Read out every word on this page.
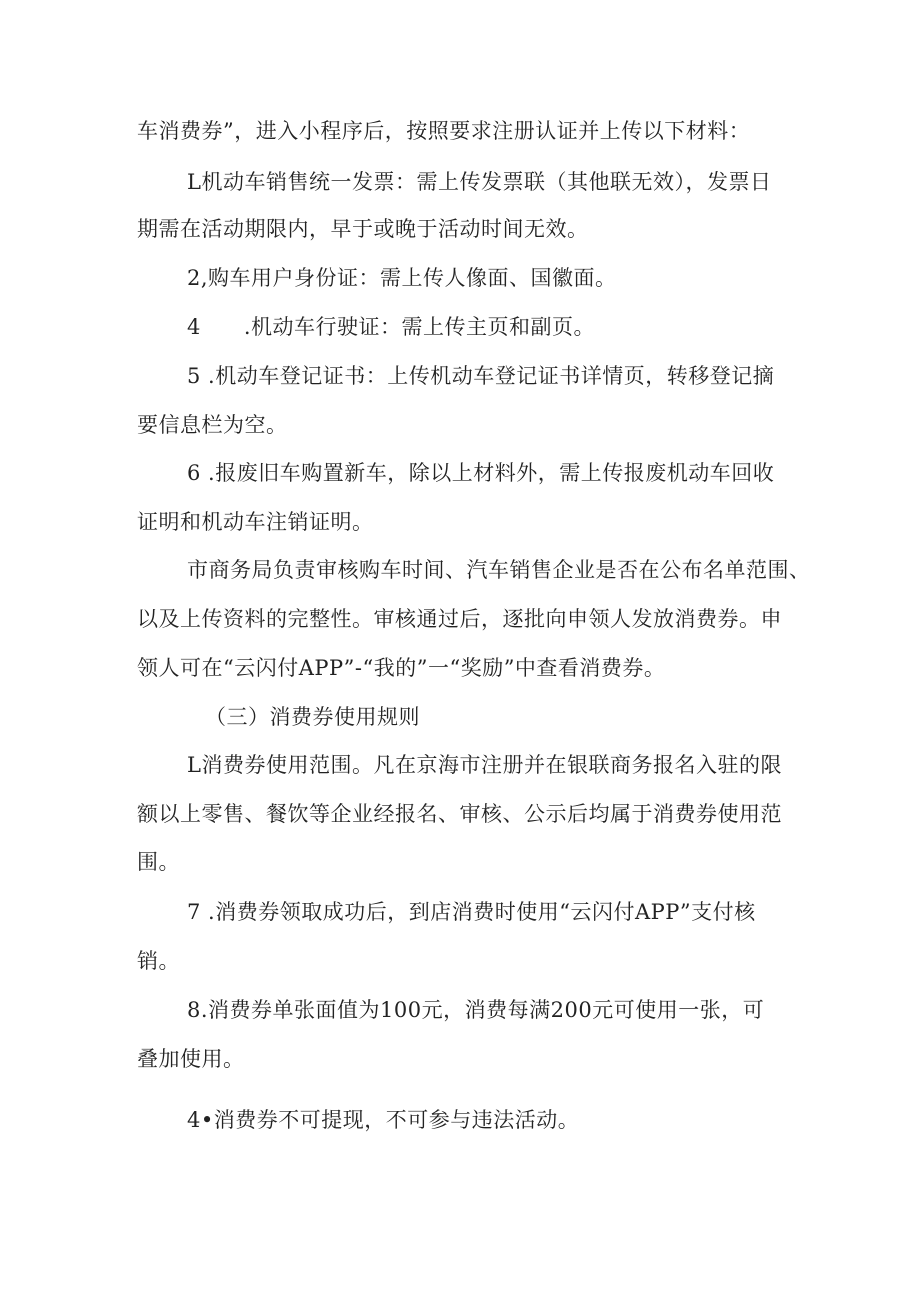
车消费券”，进入小程序后，按照要求注册认证并上传以下材料：

L机动车销售统一发票：需上传发票联（其他联无效），发票日

期需在活动期限内，早于或晚于活动时间无效。

2,购车用户身份证：需上传人像面、国徽面。

4　　.机动车行驶证：需上传主页和副页。

5 .机动车登记证书：上传机动车登记证书详情页，转移登记摘

要信息栏为空。

6 .报废旧车购置新车，除以上材料外，需上传报废机动车回收

证明和机动车注销证明。

市商务局负责审核购车时间、汽车销售企业是否在公布名单范围、

以及上传资料的完整性。审核通过后，逐批向申领人发放消费券。申

领人可在“云闪付APP”-“我的”一“奖励”中查看消费券。

（三）消费券使用规则

L消费券使用范围。凡在京海市注册并在银联商务报名入驻的限

额以上零售、餐饮等企业经报名、审核、公示后均属于消费券使用范

围。

7 .消费券领取成功后，到店消费时使用“云闪付APP”支付核

销。

8.消费券单张面值为100元，消费每满200元可使用一张，可

叠加使用。

4•消费券不可提现，不可参与违法活动。
